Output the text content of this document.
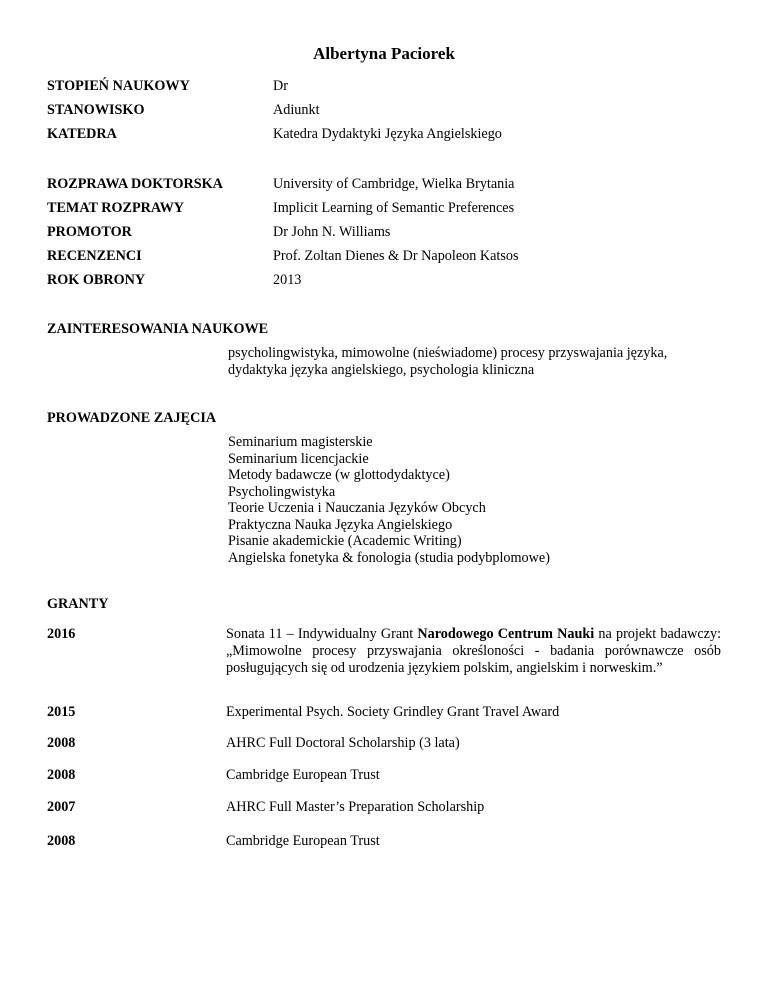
Albertyna Paciorek
STOPIEŃ NAUKOWY	Dr
STANOWISKO	Adiunkt
KATEDRA	Katedra Dydaktyki Języka Angielskiego
ROZPRAWA DOKTORSKA	University of Cambridge, Wielka Brytania
TEMAT ROZPRAWY	Implicit Learning of Semantic Preferences
PROMOTOR	Dr John N. Williams
RECENZENCI	Prof. Zoltan Dienes & Dr Napoleon Katsos
ROK OBRONY	2013
ZAINTERESOWANIA NAUKOWE
psycholingwistyka, mimowolne (nieświadome) procesy przyswajania języka,
dydaktyka języka angielskiego, psychologia kliniczna
PROWADZONE ZAJĘCIA
Seminarium magisterskie
Seminarium licencjackie
Metody badawcze (w glottodydaktyce)
Psycholingwistyka
Teorie Uczenia i Nauczania Języków Obcych
Praktyczna Nauka Języka Angielskiego
Pisanie akademickie (Academic Writing)
Angielska fonetyka & fonologia (studia podybplomowe)
GRANTY
2016	Sonata 11 – Indywidualny Grant Narodowego Centrum Nauki na projekt badawczy: „Mimowolne procesy przyswajania określoności - badania porównawcze osób posługujących się od urodzenia językiem polskim, angielskim i norweskim.”
2015	Experimental Psych. Society Grindley Grant Travel Award
2008	AHRC Full Doctoral Scholarship (3 lata)
2008	Cambridge European Trust
2007	AHRC Full Master’s Preparation Scholarship
2008	Cambridge European Trust
